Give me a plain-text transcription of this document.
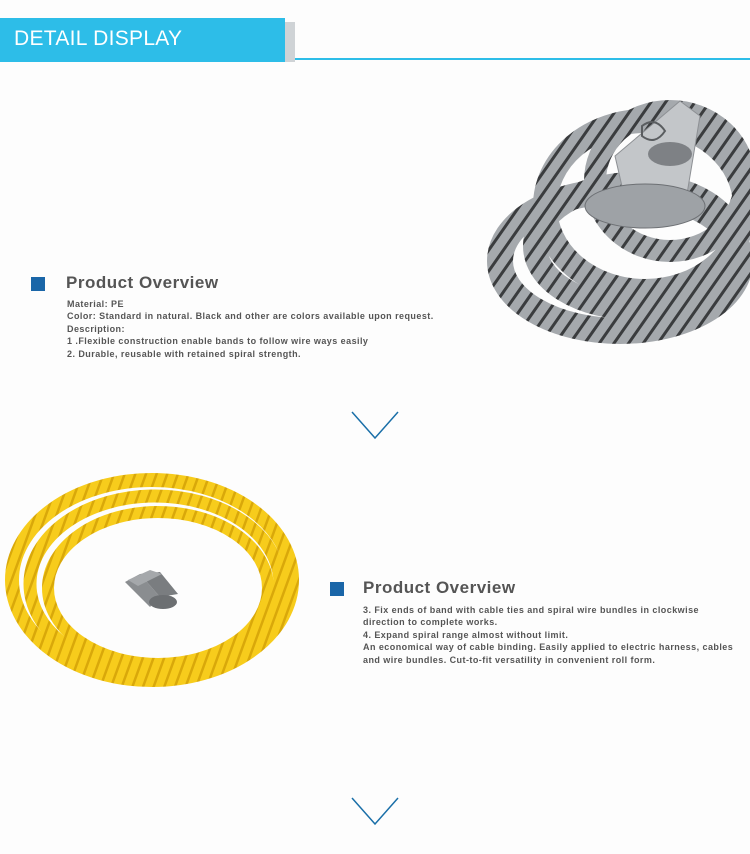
DETAIL DISPLAY
Product Overview
Material: PE
Color: Standard in natural. Black and other are colors available upon request.
Description:
1 .Flexible construction enable bands to follow wire ways easily
2. Durable, reusable with retained spiral strength.
Product Overview
3. Fix ends of band with cable ties and spiral wire bundles in clockwise direction to complete works.
4. Expand spiral range almost without limit.
An economical way of cable binding. Easily applied to electric harness, cables and wire bundles. Cut-to-fit versatility in convenient roll form.
